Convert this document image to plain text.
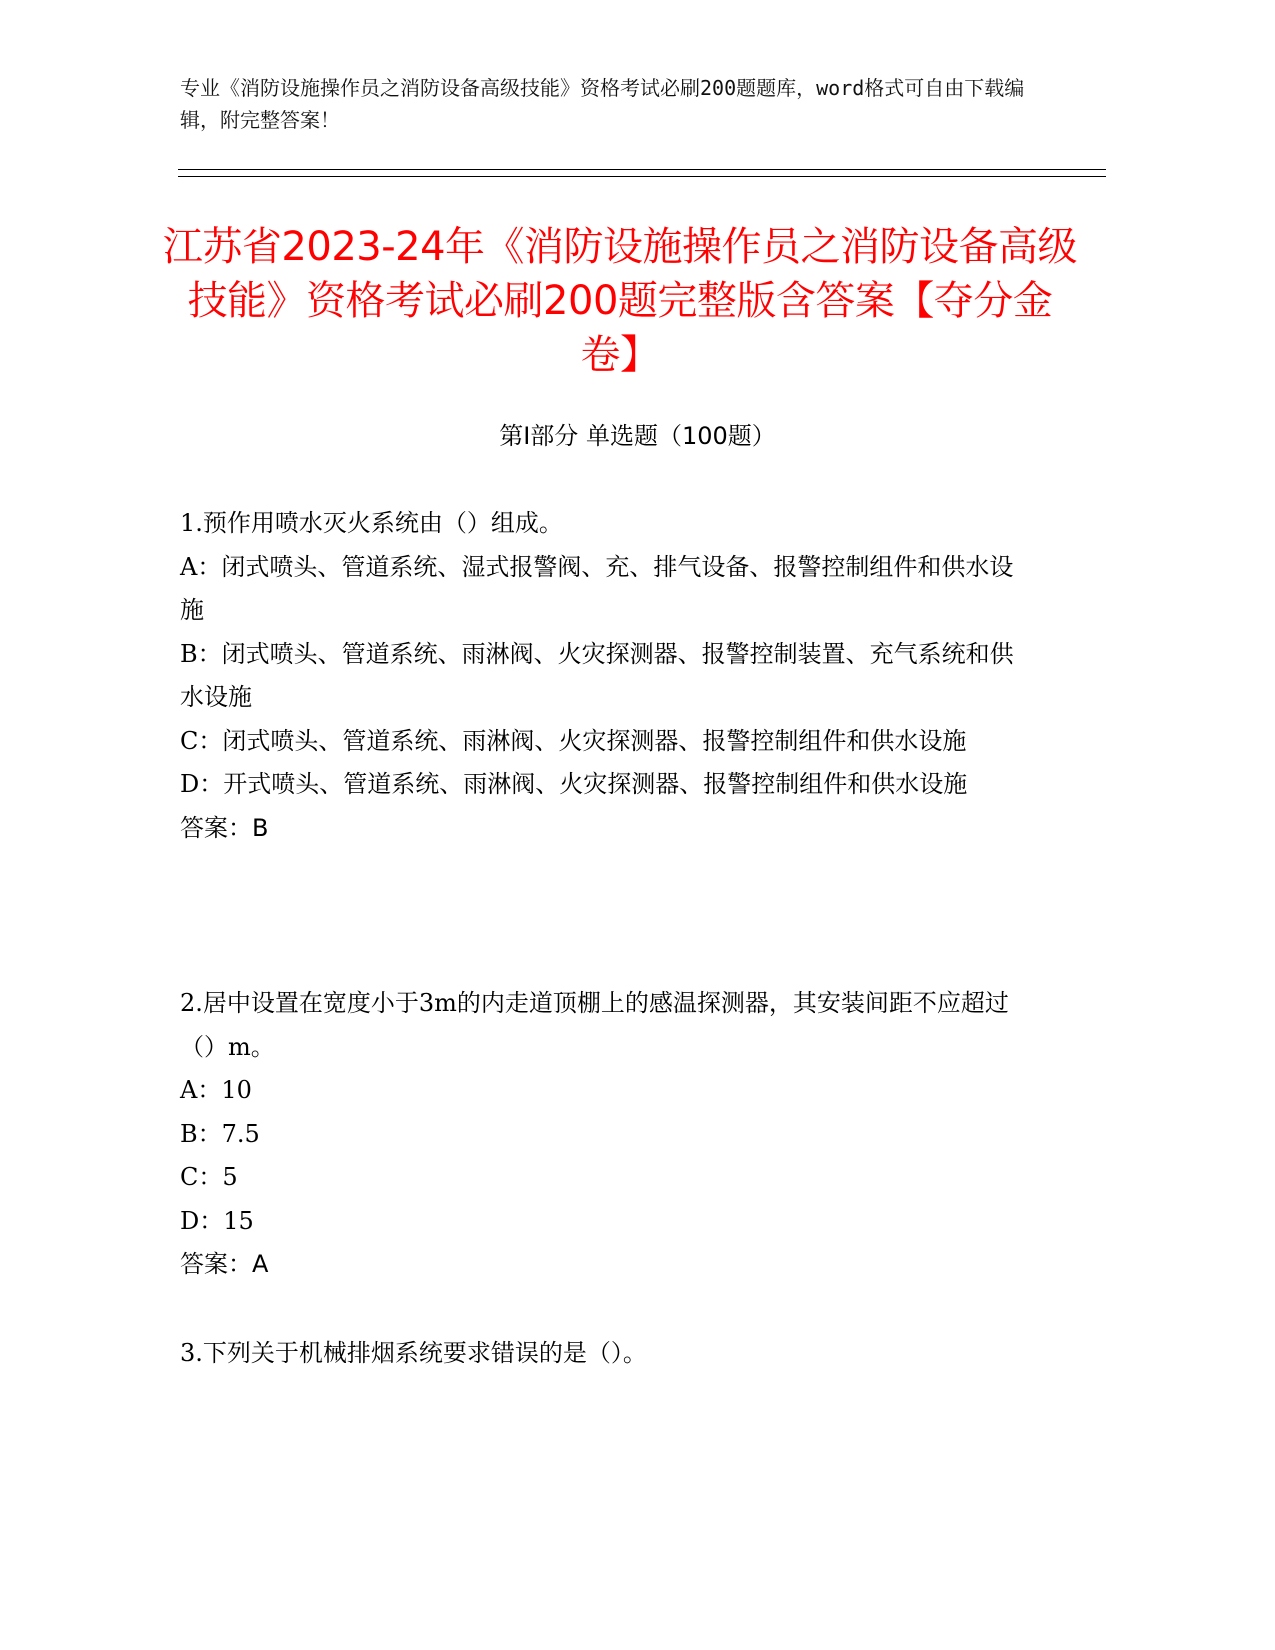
专业《消防设施操作员之消防设备高级技能》资格考试必刷200题题库，word格式可自由下载编辑，附完整答案！

江苏省2023-24年《消防设施操作员之消防设备高级技能》资格考试必刷200题完整版含答案【夺分金卷】
第I部分 单选题（100题）

1.预作用喷水灭火系统由（）组成。

A：闭式喷头、管道系统、湿式报警阀、充、排气设备、报警控制组件和供水设施

B：闭式喷头、管道系统、雨淋阀、火灾探测器、报警控制装置、充气系统和供水设施

C：闭式喷头、管道系统、雨淋阀、火灾探测器、报警控制组件和供水设施

D：开式喷头、管道系统、雨淋阀、火灾探测器、报警控制组件和供水设施

答案：B

2.居中设置在宽度小于3m的内走道顶棚上的感温探测器，其安装间距不应超过（）m。

A：10

B：7.5

C：5

D：15

答案：A

3.下列关于机械排烟系统要求错误的是（）。
